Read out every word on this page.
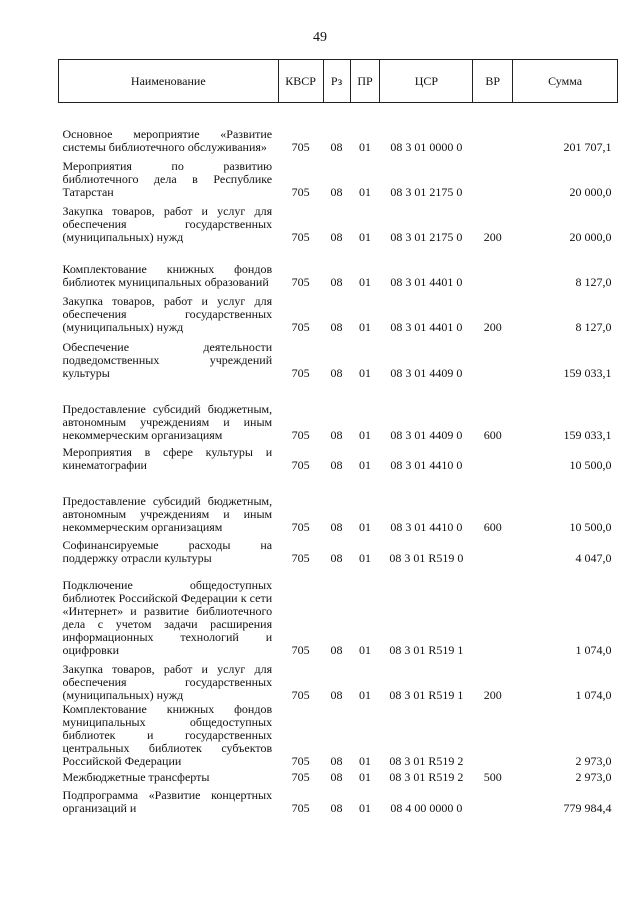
49
Наименование	КВСР	Рз	ПР	ЦСР	ВР	Сумма
Основное мероприятие «Развитие системы библиотечного обслуживания»	705	08	01	08 3 01 0000 0		201 707,1
Мероприятия по развитию библиотечного дела в Республике Татарстан	705	08	01	08 3 01 2175 0		20 000,0
Закупка товаров, работ и услуг для обеспечения государственных (муниципальных) нужд	705	08	01	08 3 01 2175 0	200	20 000,0
Комплектование книжных фондов библиотек муниципальных образований	705	08	01	08 3 01 4401 0		8 127,0
Закупка товаров, работ и услуг для обеспечения государственных (муниципальных) нужд	705	08	01	08 3 01 4401 0	200	8 127,0
Обеспечение деятельности подведомственных учреждений культуры	705	08	01	08 3 01 4409 0		159 033,1
Предоставление субсидий бюджетным, автономным учреждениям и иным некоммерческим организациям	705	08	01	08 3 01 4409 0	600	159 033,1
Мероприятия в сфере культуры и кинематографии	705	08	01	08 3 01 4410 0		10 500,0
Предоставление субсидий бюджетным, автономным учреждениям и иным некоммерческим организациям	705	08	01	08 3 01 4410 0	600	10 500,0
Софинансируемые расходы на поддержку отрасли культуры	705	08	01	08 3 01 R519 0		4 047,0
Подключение общедоступных библиотек Российской Федерации к сети «Интернет» и развитие библиотечного дела с учетом задачи расширения информационных технологий и оцифровки	705	08	01	08 3 01 R519 1		1 074,0
Закупка товаров, работ и услуг для обеспечения государственных (муниципальных) нужд	705	08	01	08 3 01 R519 1	200	1 074,0
Комплектование книжных фондов муниципальных общедоступных библиотек и государственных центральных библиотек субъектов Российской Федерации	705	08	01	08 3 01 R519 2		2 973,0
Межбюджетные трансферты	705	08	01	08 3 01 R519 2	500	2 973,0
Подпрограмма «Развитие концертных организаций и	705	08	01	08 4 00 0000 0		779 984,4
